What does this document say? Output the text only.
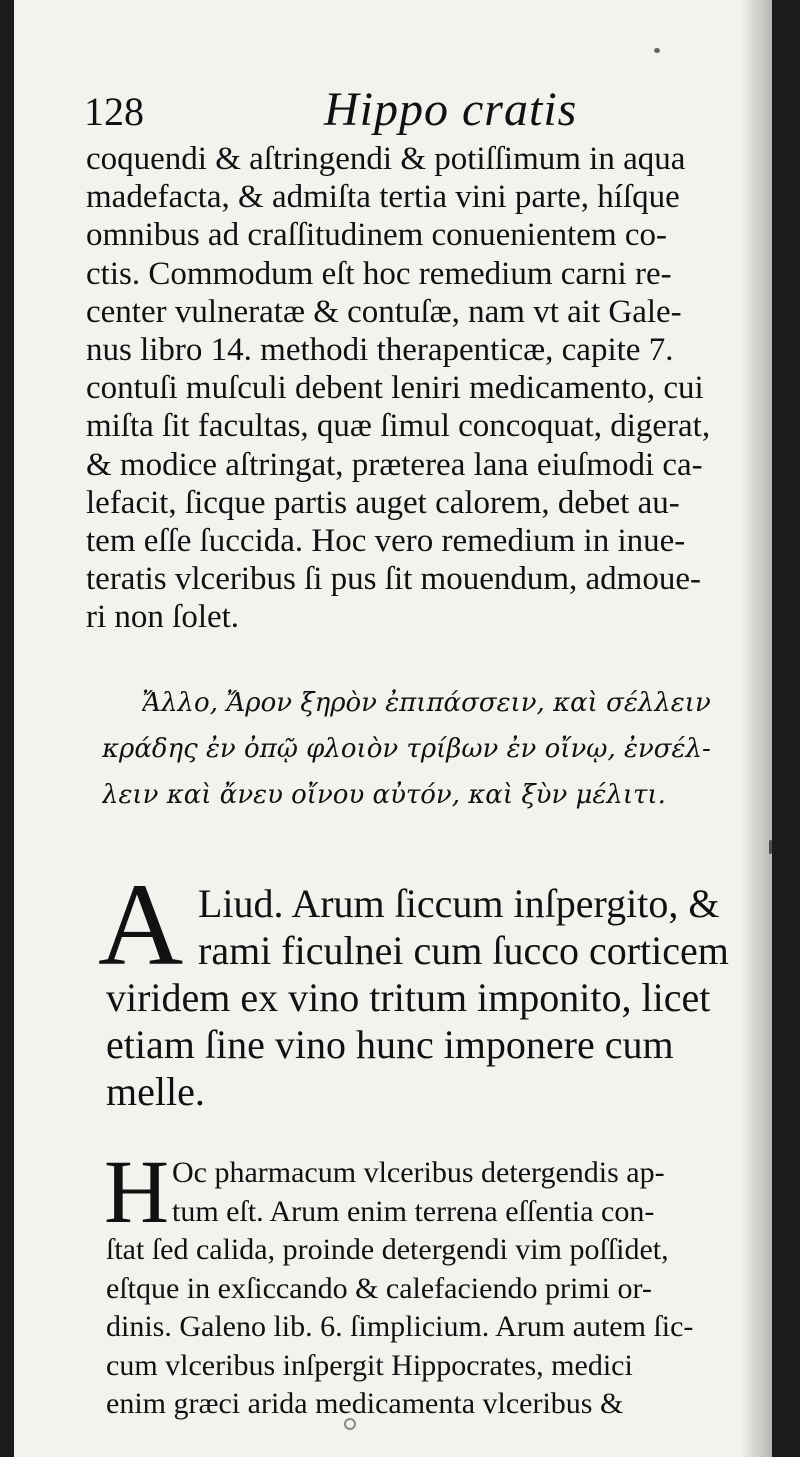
128	Hippo cratis
coquendi & aſtringendi & potiſſimum in aqua
madefacta, & admiſta tertia vini parte, híſque
omnibus ad craſſitudinem conuenientem co-
ctis. Commodum eſt hoc remedium carni re-
center vulneratæ & contuſæ, nam vt ait Gale-
nus libro 14. methodi therapenticæ, capite 7.
contuſi muſculi debent leniri medicamento, cui
miſta ſit facultas, quæ ſimul concoquat, digerat,
& modice aſtringat, præterea lana eiuſmodi ca-
lefacit, ſicque partis auget calorem, debet au-
tem eſſe ſuccida. Hoc vero remedium in inue-
teratis vlceribus ſi pus ſit mouendum, admoue-
ri non ſolet.
Ἄλλο, Ἄρον ξηρὸν ἐπιπάσσειν, καὶ σέλλειν
κράδης ἐν ὀπῷ φλοιὸν τρίβων ἐν οἴνῳ, ἐνσέλ-
λειν καὶ ἄνευ οἴνου αὐτόν, καὶ ξὺν μέλιτι.
A Liud. Arum ſiccum inſpergito, &
rami ficulnei cum ſucco corticem
viridem ex vino tritum imponito, licet
etiam ſine vino hunc imponere cum
melle.
H Oc pharmacum vlceribus detergendis ap-
tum eſt. Arum enim terrena eſſentia con-
ſtat ſed calida, proinde detergendi vim poſſidet,
eſtque in exſiccando & calefaciendo primi or-
dinis. Galeno lib. 6. ſimplicium. Arum autem ſic-
cum vlceribus inſpergit Hippocrates, medici
enim græci arida medicamenta vlceribus &
